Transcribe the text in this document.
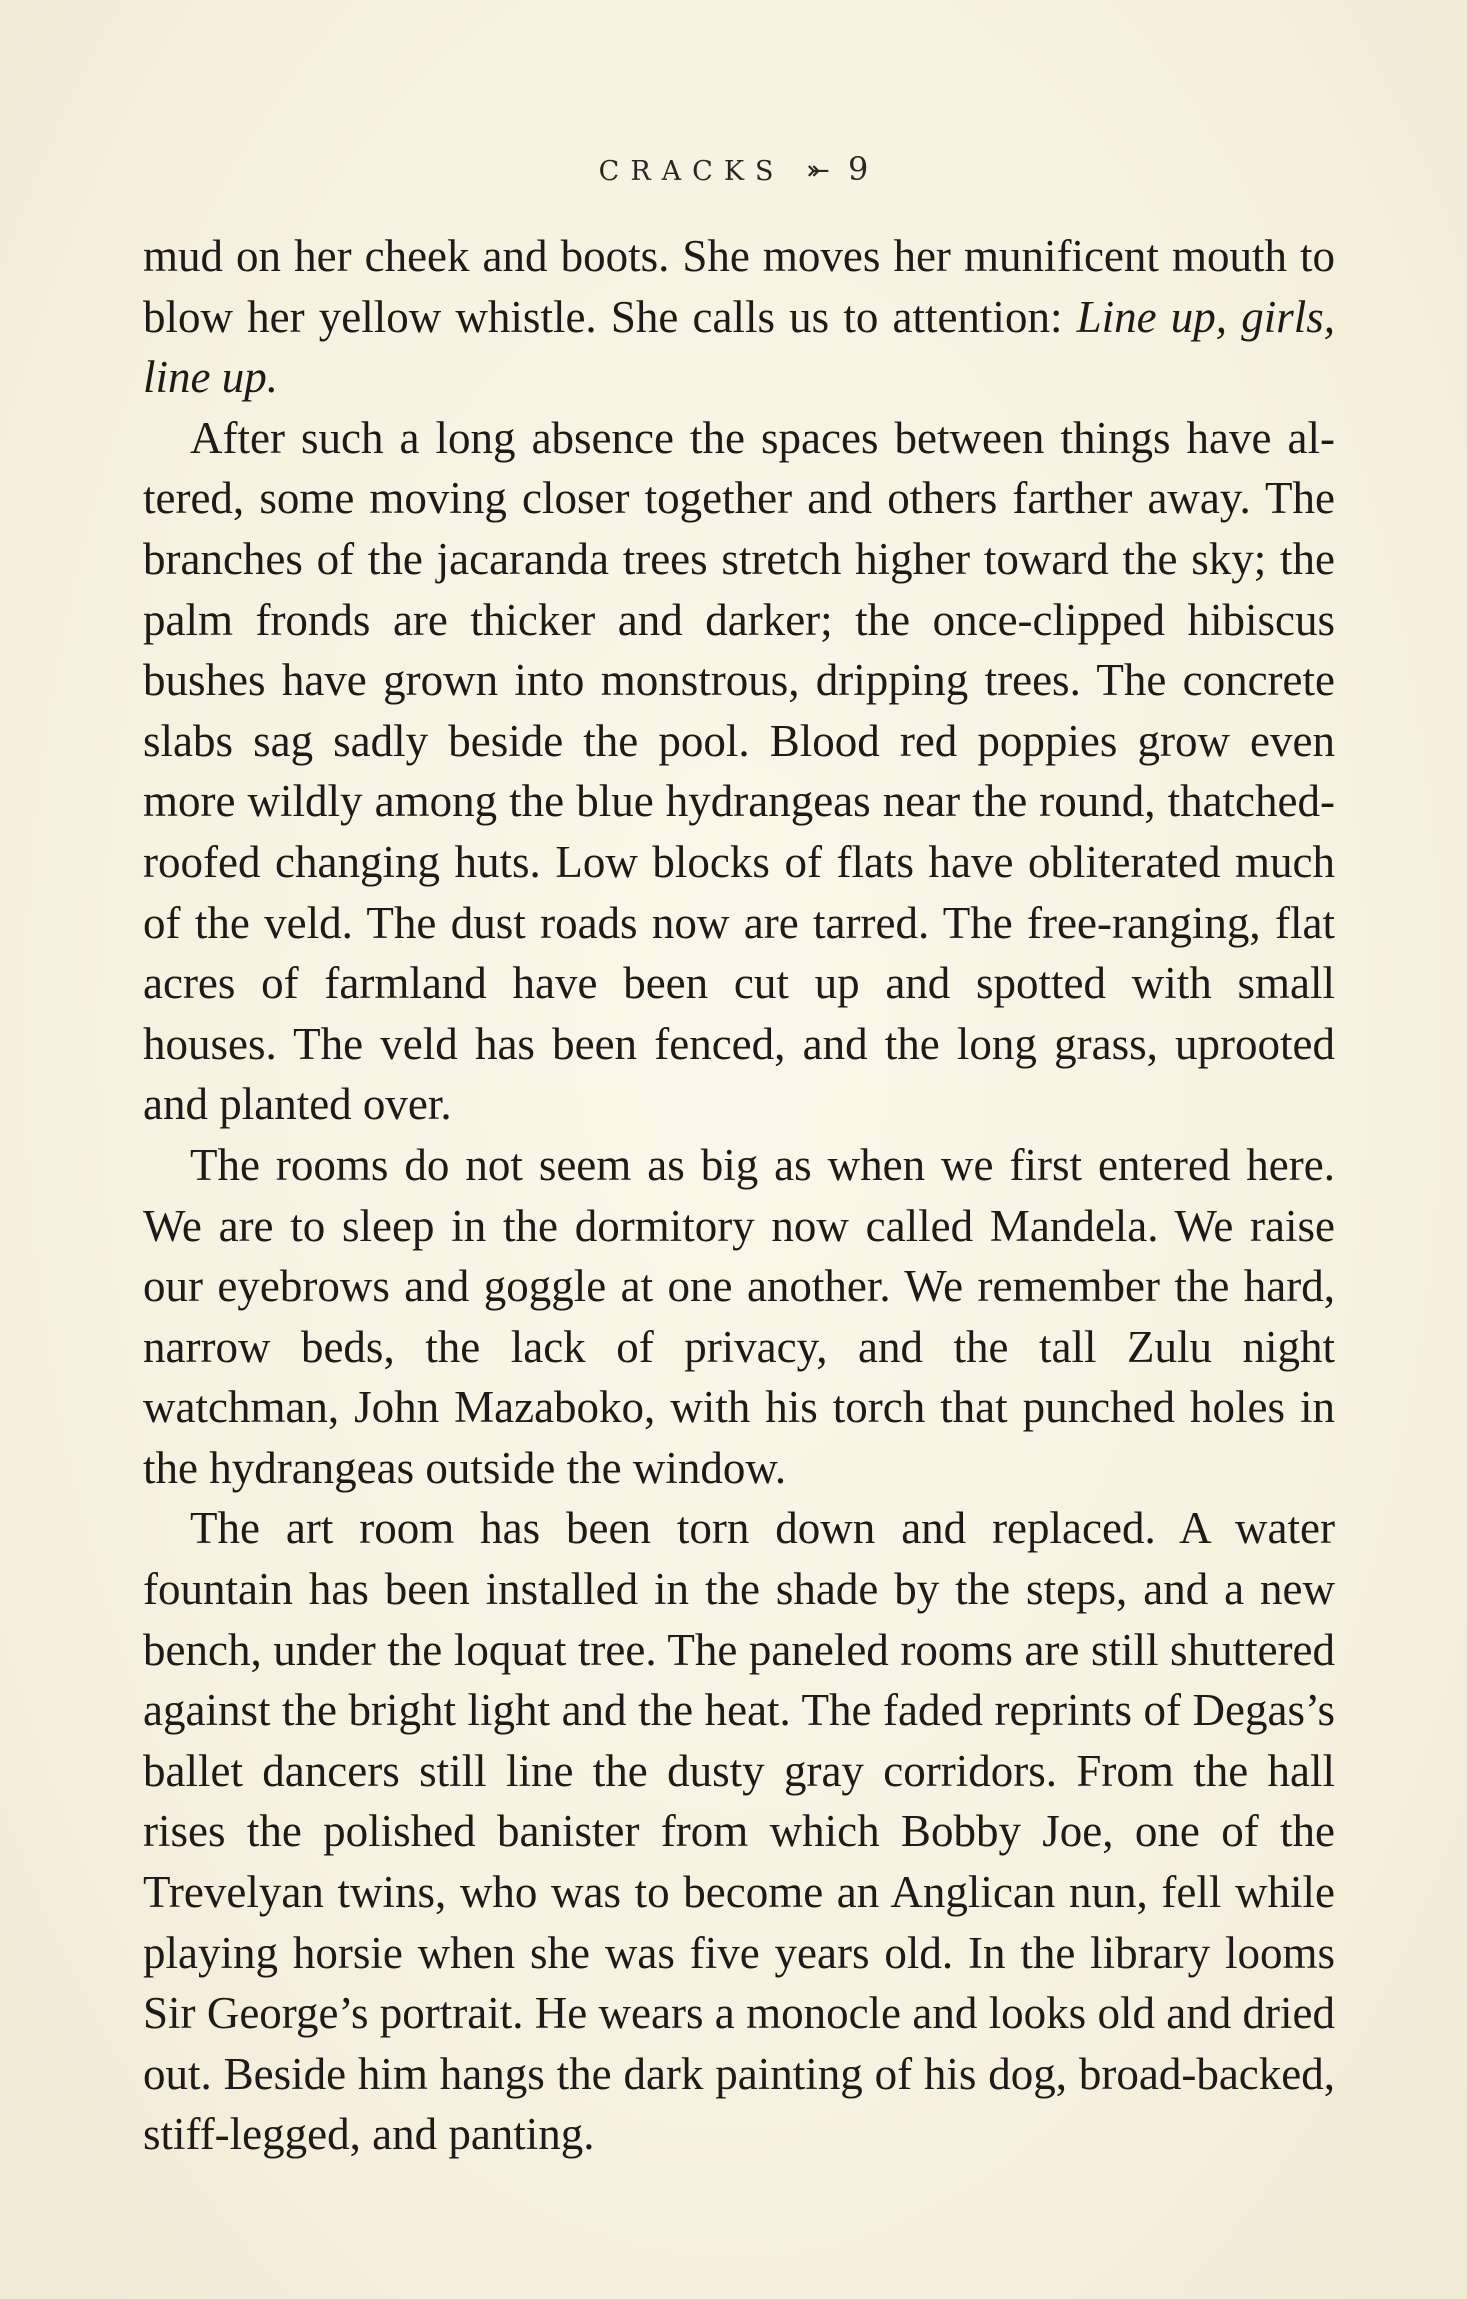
CRACKS ⤜ 9

mud on her cheek and boots. She moves her munificent mouth to blow her yellow whistle. She calls us to attention: Line up, girls, line up.

After such a long absence the spaces between things have altered, some moving closer together and others farther away. The branches of the jacaranda trees stretch higher toward the sky; the palm fronds are thicker and darker; the once-clipped hibiscus bushes have grown into monstrous, dripping trees. The concrete slabs sag sadly beside the pool. Blood red poppies grow even more wildly among the blue hydrangeas near the round, thatched-roofed changing huts. Low blocks of flats have obliterated much of the veld. The dust roads now are tarred. The free-ranging, flat acres of farmland have been cut up and spotted with small houses. The veld has been fenced, and the long grass, uprooted and planted over.

The rooms do not seem as big as when we first entered here. We are to sleep in the dormitory now called Mandela. We raise our eyebrows and goggle at one another. We remember the hard, narrow beds, the lack of privacy, and the tall Zulu night watchman, John Mazaboko, with his torch that punched holes in the hydrangeas outside the window.

The art room has been torn down and replaced. A water fountain has been installed in the shade by the steps, and a new bench, under the loquat tree. The paneled rooms are still shuttered against the bright light and the heat. The faded reprints of Degas’s ballet dancers still line the dusty gray corridors. From the hall rises the polished banister from which Bobby Joe, one of the Trevelyan twins, who was to become an Anglican nun, fell while playing horsie when she was five years old. In the library looms Sir George’s portrait. He wears a monocle and looks old and dried out. Beside him hangs the dark painting of his dog, broad-backed, stiff-legged, and panting.
